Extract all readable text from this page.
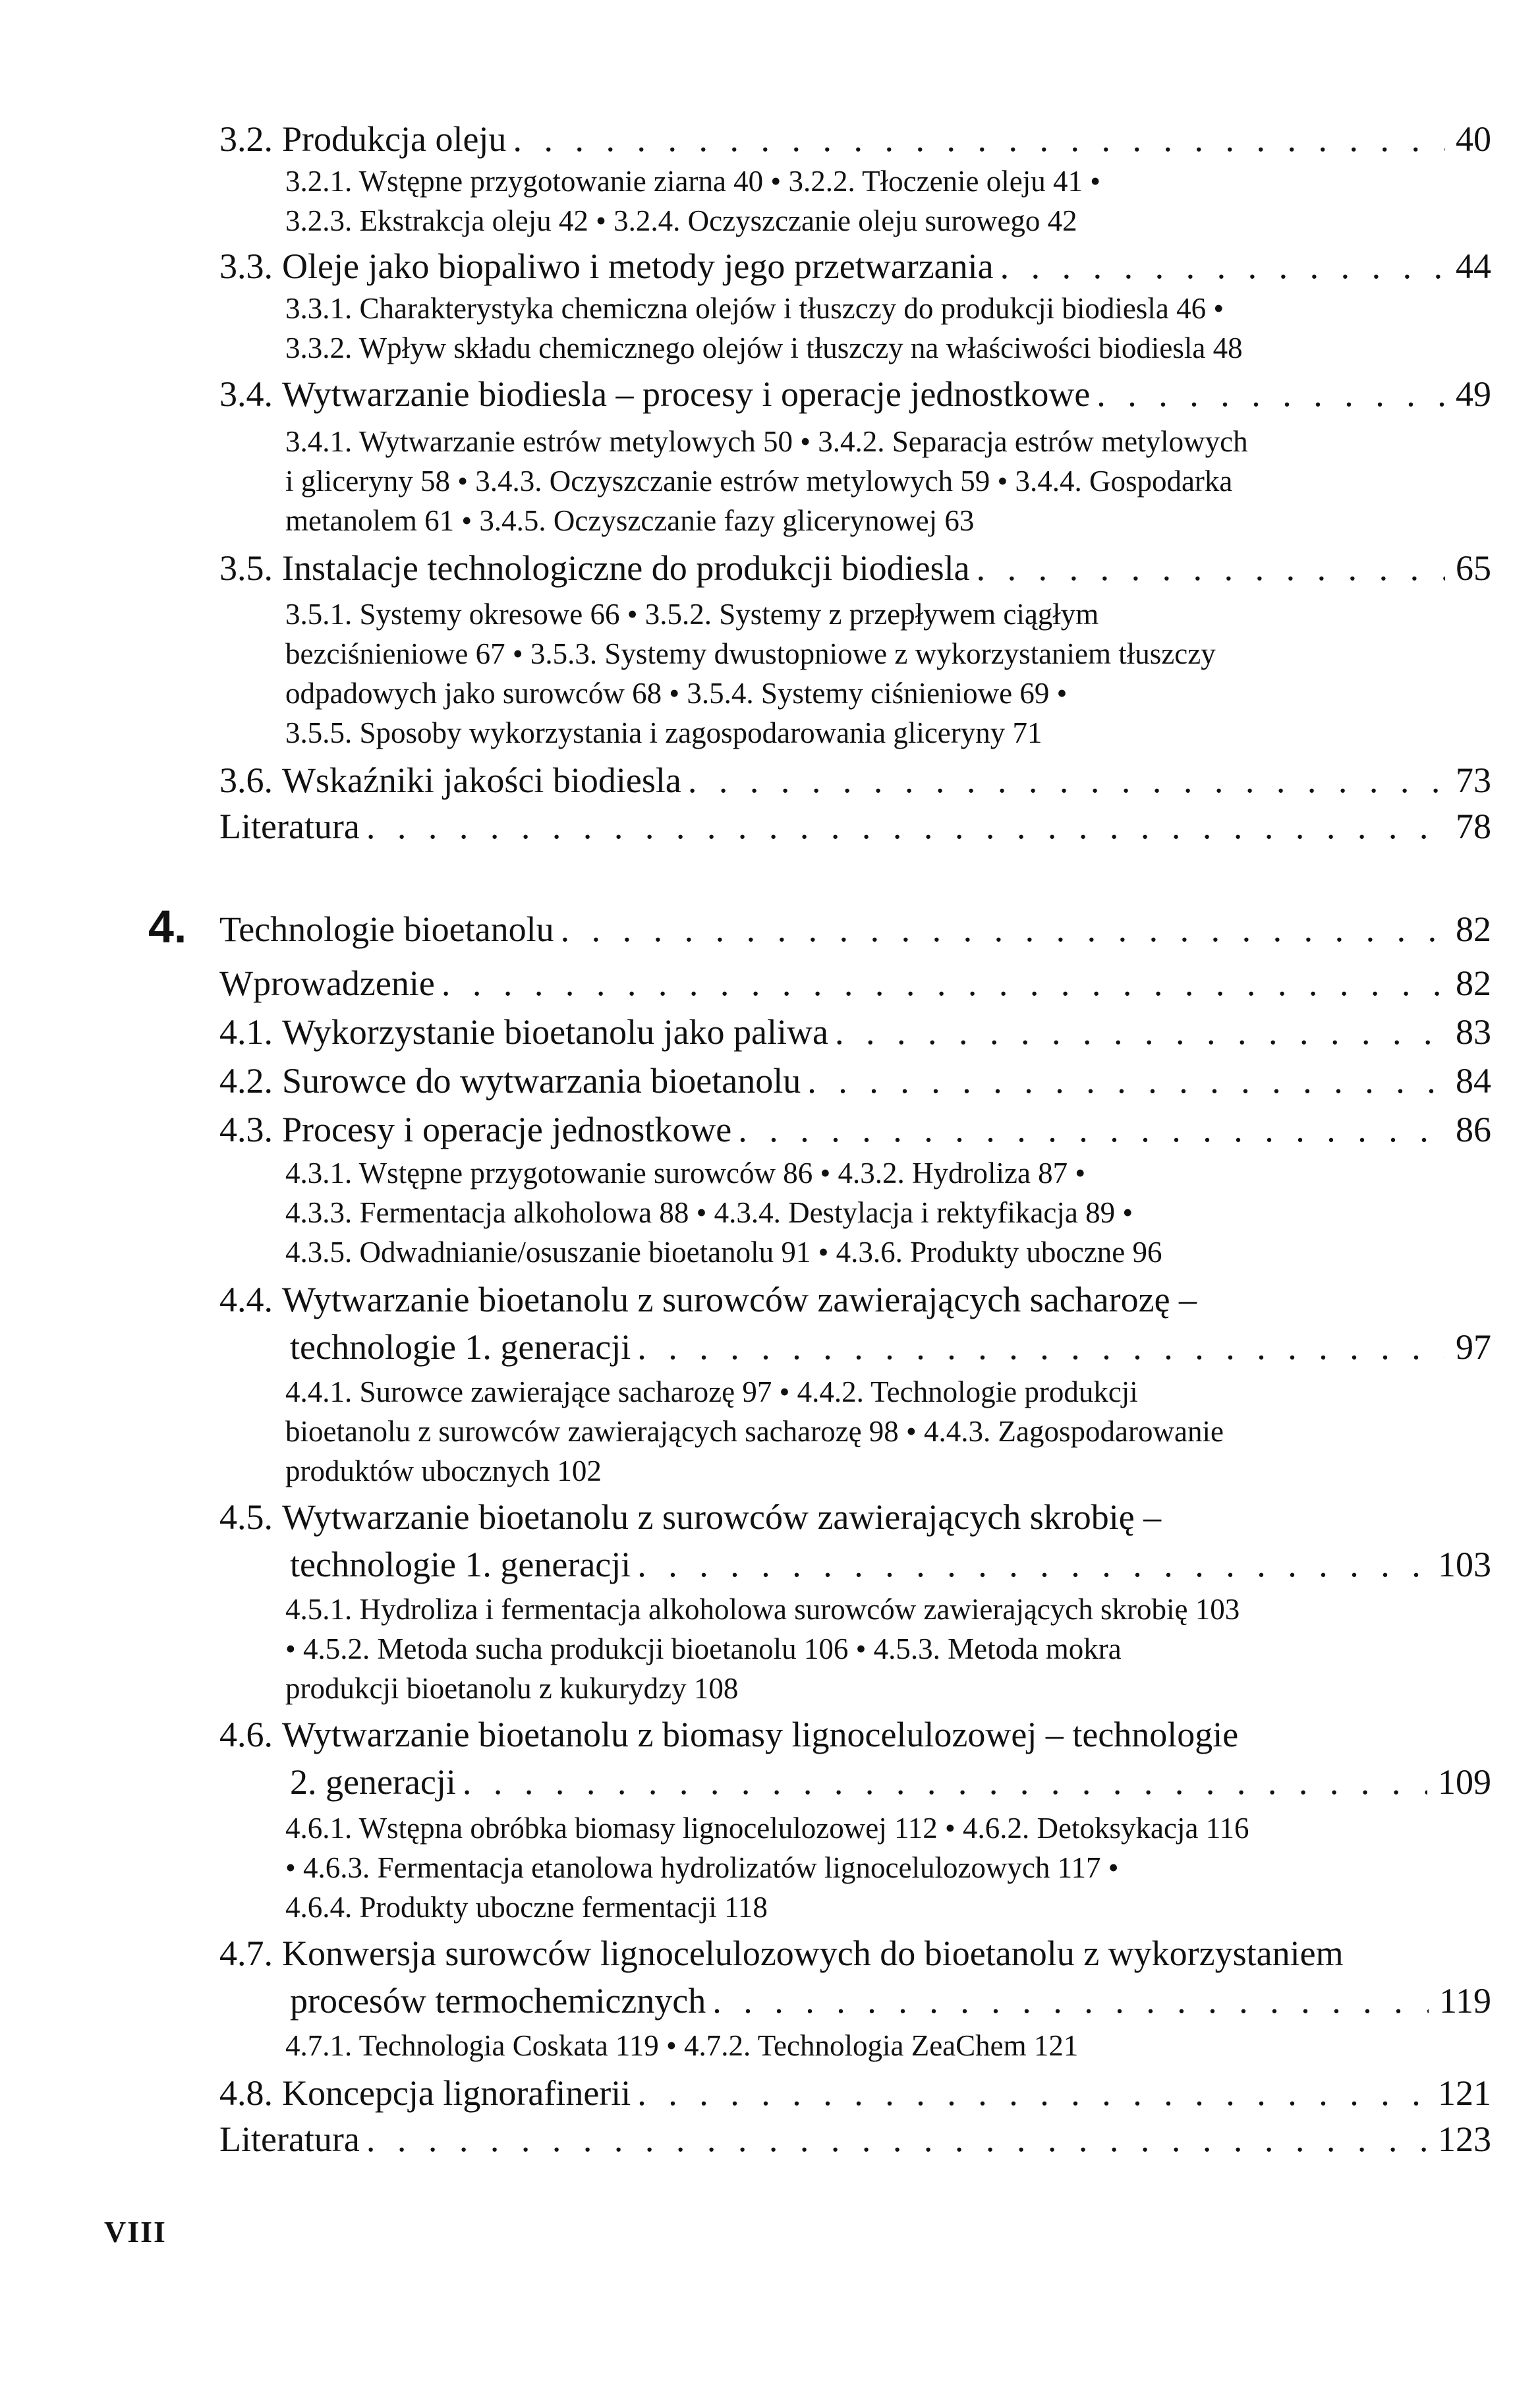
3.2. Produkcja oleju . . .	40
3.2.1. Wstępne przygotowanie ziarna 40 • 3.2.2. Tłoczenie oleju 41 •
3.2.3. Ekstrakcja oleju 42 • 3.2.4. Oczyszczanie oleju surowego 42
3.3. Oleje jako biopaliwo i metody jego przetwarzania . . .	44
3.3.1. Charakterystyka chemiczna olejów i tłuszczy do produkcji biodiesla 46 •
3.3.2. Wpływ składu chemicznego olejów i tłuszczy na właściwości biodiesla 48
3.4. Wytwarzanie biodiesla – procesy i operacje jednostkowe . . .	49
3.4.1. Wytwarzanie estrów metylowych 50 • 3.4.2. Separacja estrów metylowych
i gliceryny 58 • 3.4.3. Oczyszczanie estrów metylowych 59 • 3.4.4. Gospodarka
metanolem 61 • 3.4.5. Oczyszczanie fazy glicerynowej 63
3.5. Instalacje technologiczne do produkcji biodiesla . . .	65
3.5.1. Systemy okresowe 66 • 3.5.2. Systemy z przepływem ciągłym
bezciśnieniowe 67 • 3.5.3. Systemy dwustopniowe z wykorzystaniem tłuszczy
odpadowych jako surowców 68 • 3.5.4. Systemy ciśnieniowe 69 •
3.5.5. Sposoby wykorzystania i zagospodarowania gliceryny 71
3.6. Wskaźniki jakości biodiesla . . .	73
Literatura . . .	78
4. Technologie bioetanolu . . .	82
Wprowadzenie . . .	82
4.1. Wykorzystanie bioetanolu jako paliwa . . .	83
4.2. Surowce do wytwarzania bioetanolu . . .	84
4.3. Procesy i operacje jednostkowe . . .	86
4.3.1. Wstępne przygotowanie surowców 86 • 4.3.2. Hydroliza 87 •
4.3.3. Fermentacja alkoholowa 88 • 4.3.4. Destylacja i rektyfikacja 89 •
4.3.5. Odwadnianie/osuszanie bioetanolu 91 • 4.3.6. Produkty uboczne 96
4.4. Wytwarzanie bioetanolu z surowców zawierających sacharozę –
technologie 1. generacji . . .	97
4.4.1. Surowce zawierające sacharozę 97 • 4.4.2. Technologie produkcji
bioetanolu z surowców zawierających sacharozę 98 • 4.4.3. Zagospodarowanie
produktów ubocznych 102
4.5. Wytwarzanie bioetanolu z surowców zawierających skrobię –
technologie 1. generacji . . .	103
4.5.1. Hydroliza i fermentacja alkoholowa surowców zawierających skrobię 103
• 4.5.2. Metoda sucha produkcji bioetanolu 106 • 4.5.3. Metoda mokra
produkcji bioetanolu z kukurydzy 108
4.6. Wytwarzanie bioetanolu z biomasy lignocelulozowej – technologie
2. generacji . . .	109
4.6.1. Wstępna obróbka biomasy lignocelulozowej 112 • 4.6.2. Detoksykacja 116
• 4.6.3. Fermentacja etanolowa hydrolizatów lignocelulozowych 117 •
4.6.4. Produkty uboczne fermentacji 118
4.7. Konwersja surowców lignocelulozowych do bioetanolu z wykorzystaniem
procesów termochemicznych . . .	119
4.7.1. Technologia Coskata 119 • 4.7.2. Technologia ZeaChem 121
4.8. Koncepcja lignorafinerii . . .	121
Literatura . . .	123
VIII
